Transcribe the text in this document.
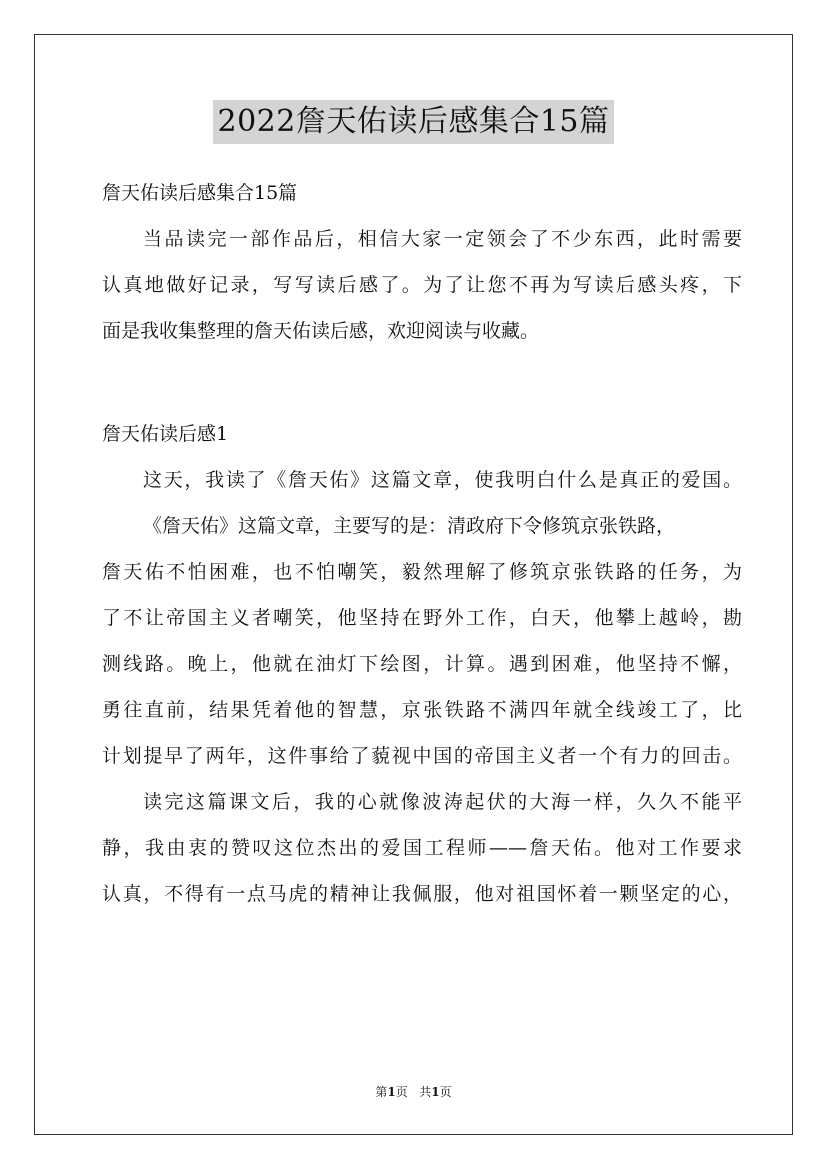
2022詹天佑读后感集合15篇
詹天佑读后感集合15篇
当品读完一部作品后，相信大家一定领会了不少东西，此时需要
认真地做好记录，写写读后感了。为了让您不再为写读后感头疼，下
面是我收集整理的詹天佑读后感，欢迎阅读与收藏。
詹天佑读后感1
这天，我读了《詹天佑》这篇文章，使我明白什么是真正的爱国。
《詹天佑》这篇文章，主要写的是：清政府下令修筑京张铁路，
詹天佑不怕困难，也不怕嘲笑，毅然理解了修筑京张铁路的任务，为
了不让帝国主义者嘲笑，他坚持在野外工作，白天，他攀上越岭，勘
测线路。晚上，他就在油灯下绘图，计算。遇到困难，他坚持不懈，
勇往直前，结果凭着他的智慧，京张铁路不满四年就全线竣工了，比
计划提早了两年，这件事给了藐视中国的帝国主义者一个有力的回击。
读完这篇课文后，我的心就像波涛起伏的大海一样，久久不能平
静，我由衷的赞叹这位杰出的爱国工程师——詹天佑。他对工作要求
认真，不得有一点马虎的精神让我佩服，他对祖国怀着一颗坚定的心，
第1页 共1页
